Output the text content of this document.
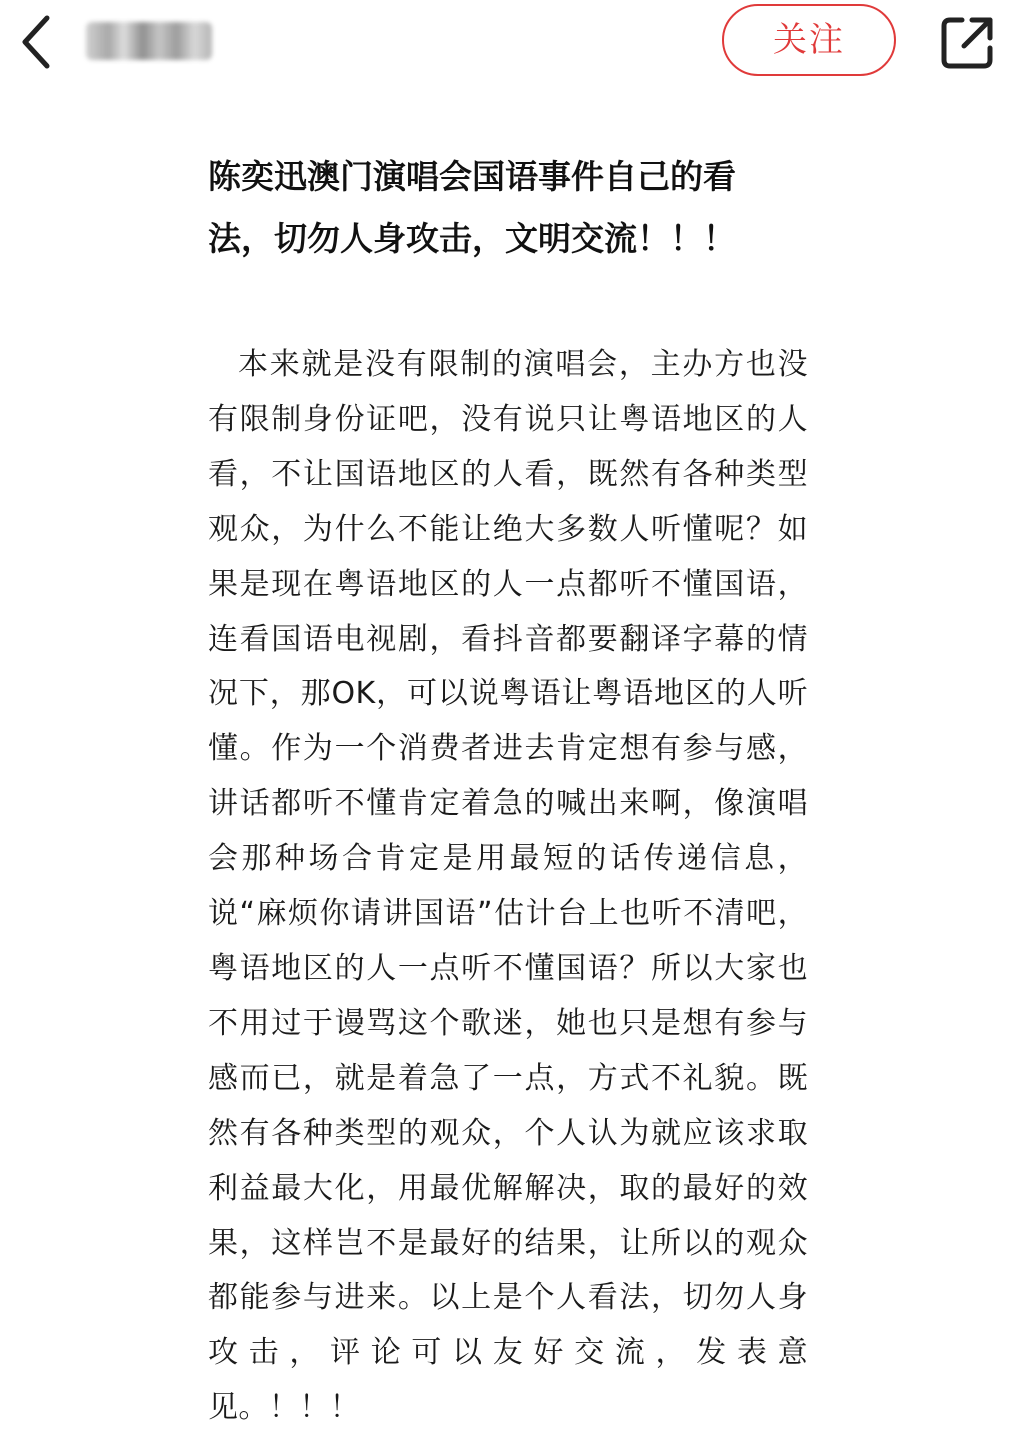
关注
陈奕迅澳门演唱会国语事件自己的看法，切勿人身攻击，文明交流！！！

本来就是没有限制的演唱会，主办方也没有限制身份证吧，没有说只让粤语地区的人看，不让国语地区的人看，既然有各种类型观众，为什么不能让绝大多数人听懂呢？如果是现在粤语地区的人一点都听不懂国语，连看国语电视剧，看抖音都要翻译字幕的情况下，那OK，可以说粤语让粤语地区的人听懂。作为一个消费者进去肯定想有参与感，讲话都听不懂肯定着急的喊出来啊，像演唱会那种场合肯定是用最短的话传递信息，说“麻烦你请讲国语”估计台上也听不清吧，粤语地区的人一点听不懂国语？所以大家也不用过于谩骂这个歌迷，她也只是想有参与感而已，就是着急了一点，方式不礼貌。既然有各种类型的观众，个人认为就应该求取利益最大化，用最优解解决，取的最好的效果，这样岂不是最好的结果，让所以的观众都能参与进来。以上是个人看法，切勿人身攻击，评论可以友好交流，发表意见。！！！
